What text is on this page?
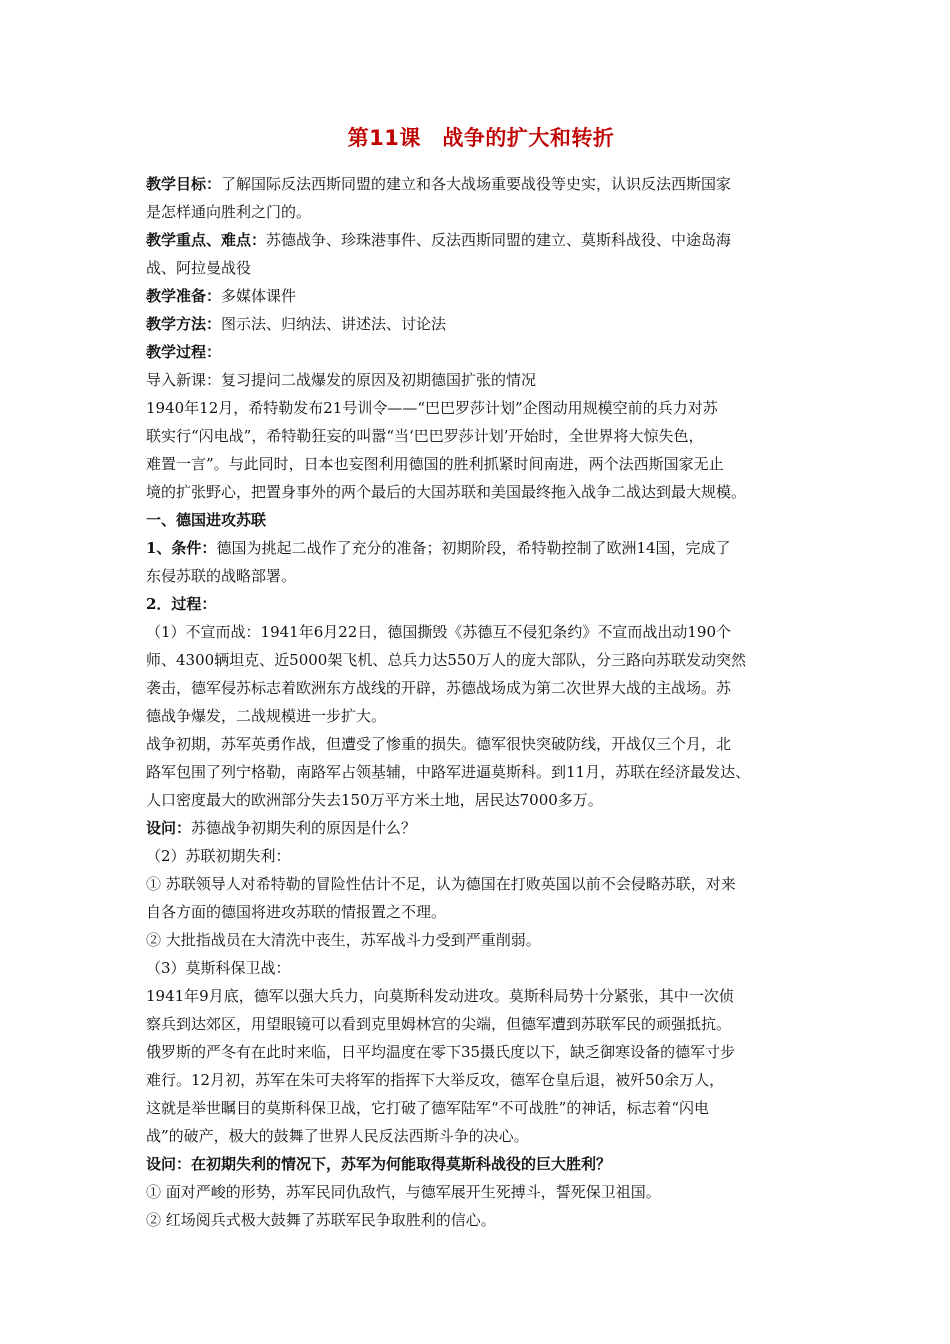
第11课　战争的扩大和转折

教学目标：了解国际反法西斯同盟的建立和各大战场重要战役等史实，认识反法西斯国家

是怎样通向胜利之门的。

教学重点、难点：苏德战争、珍珠港事件、反法西斯同盟的建立、莫斯科战役、中途岛海

战、阿拉曼战役

教学准备：多媒体课件

教学方法：图示法、归纳法、讲述法、讨论法

教学过程：

导入新课：复习提问二战爆发的原因及初期德国扩张的情况

1940年12月，希特勒发布21号训令——“巴巴罗莎计划”企图动用规模空前的兵力对苏

联实行“闪电战”，希特勒狂妄的叫嚣“当‘巴巴罗莎计划’开始时，全世界将大惊失色，

难置一言”。与此同时，日本也妄图利用德国的胜利抓紧时间南进，两个法西斯国家无止

境的扩张野心，把置身事外的两个最后的大国苏联和美国最终拖入战争二战达到最大规模。

一、德国进攻苏联

1、条件：德国为挑起二战作了充分的准备；初期阶段，希特勒控制了欧洲14国，完成了

东侵苏联的战略部署。

2．过程：

（1）不宣而战：1941年6月22日，德国撕毁《苏德互不侵犯条约》不宣而战出动190个

师、4300辆坦克、近5000架飞机、总兵力达550万人的庞大部队，分三路向苏联发动突然

袭击，德军侵苏标志着欧洲东方战线的开辟，苏德战场成为第二次世界大战的主战场。苏

德战争爆发，二战规模进一步扩大。

战争初期，苏军英勇作战，但遭受了惨重的损失。德军很快突破防线，开战仅三个月，北

路军包围了列宁格勒，南路军占领基辅，中路军进逼莫斯科。到11月，苏联在经济最发达、

人口密度最大的欧洲部分失去150万平方米土地，居民达7000多万。

设问：苏德战争初期失利的原因是什么？

（2）苏联初期失利：

① 苏联领导人对希特勒的冒险性估计不足，认为德国在打败英国以前不会侵略苏联，对来

自各方面的德国将进攻苏联的情报置之不理。

② 大批指战员在大清洗中丧生，苏军战斗力受到严重削弱。

（3）莫斯科保卫战：

1941年9月底，德军以强大兵力，向莫斯科发动进攻。莫斯科局势十分紧张，其中一次侦

察兵到达郊区，用望眼镜可以看到克里姆林宫的尖端，但德军遭到苏联军民的顽强抵抗。

俄罗斯的严冬有在此时来临，日平均温度在零下35摄氏度以下，缺乏御寒设备的德军寸步

难行。12月初，苏军在朱可夫将军的指挥下大举反攻，德军仓皇后退，被歼50余万人，

这就是举世瞩目的莫斯科保卫战，它打破了德军陆军“不可战胜”的神话，标志着“闪电

战”的破产，极大的鼓舞了世界人民反法西斯斗争的决心。

设问：在初期失利的情况下，苏军为何能取得莫斯科战役的巨大胜利？

① 面对严峻的形势，苏军民同仇敌忾，与德军展开生死搏斗，誓死保卫祖国。

② 红场阅兵式极大鼓舞了苏联军民争取胜利的信心。
